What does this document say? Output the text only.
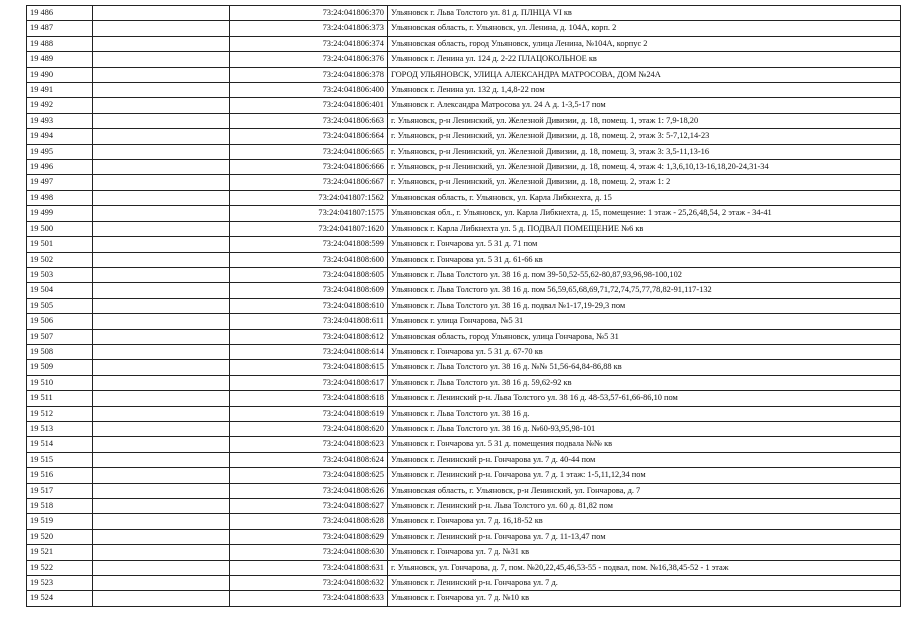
19 486		73:24:041806:370	Ульяновск г. Льва Толстого ул. 81 д. ПЛНЦА VI кв
19 487		73:24:041806:373	Ульяновская область, г. Ульяновск, ул. Ленина, д. 104А, корп. 2
19 488		73:24:041806:374	Ульяновская область, город Ульяновск, улица Ленина, №104А, корпус 2
19 489		73:24:041806:376	Ульяновск г. Ленина ул. 124 д. 2-22 ПЛАЦОКОЛЬНОЕ кв
19 490		73:24:041806:378	ГОРОД УЛЬЯНОВСК, УЛИЦА АЛЕКСАНДРА МАТРОСОВА, ДОМ №24А
19 491		73:24:041806:400	Ульяновск г. Ленина ул. 132 д. 1,4,8-22 пом
19 492		73:24:041806:401	Ульяновск г. Александра Матросова ул. 24 А д. 1-3,5-17 пом
19 493		73:24:041806:663	г. Ульяновск, р-н Ленинский, ул. Железной Дивизии, д. 18, помещ. 1, этаж 1: 7,9-18,20
19 494		73:24:041806:664	г. Ульяновск, р-н Ленинский, ул. Железной Дивизии, д. 18, помещ. 2, этаж 3: 5-7,12,14-23
19 495		73:24:041806:665	г. Ульяновск, р-н Ленинский, ул. Железной Дивизии, д. 18, помещ. 3, этаж 3: 3,5-11,13-16
19 496		73:24:041806:666	г. Ульяновск, р-н Ленинский, ул. Железной Дивизии, д. 18, помещ. 4, этаж 4: 1,3,6,10,13-16,18,20-24,31-34
19 497		73:24:041806:667	г. Ульяновск, р-н Ленинский, ул. Железной Дивизии, д. 18, помещ. 2, этаж 1: 2
19 498		73:24:041807:1562	Ульяновская область, г. Ульяновск, ул. Карла Либкнехта, д. 15
19 499		73:24:041807:1575	Ульяновская обл., г. Ульяновск, ул. Карла Либкнехта, д. 15, помещение: 1 этаж - 25,26,48,54, 2 этаж - 34-41
19 500		73:24:041807:1620	Ульяновск г. Карла Либкнехта ул. 5 д. ПОДВАЛ ПОМЕЩЕНИЕ №6 кв
19 501		73:24:041808:599	Ульяновск г. Гончарова ул. 5 31 д. 71 пом
19 502		73:24:041808:600	Ульяновск г. Гончарова ул. 5 31 д. 61-66 кв
19 503		73:24:041808:605	Ульяновск г. Льва Толстого ул. 38 16 д. пом 39-50,52-55,62-80,87,93,96,98-100,102
19 504		73:24:041808:609	Ульяновск г. Льва Толстого ул. 38 16 д. пом 56,59,65,68,69,71,72,74,75,77,78,82-91,117-132
19 505		73:24:041808:610	Ульяновск г. Льва Толстого ул. 38 16 д. подвал №1-17,19-29,3 пом
19 506		73:24:041808:611	Ульяновск г. улица Гончарова, №5 31
19 507		73:24:041808:612	Ульяновская область, город Ульяновск, улица Гончарова, №5 31
19 508		73:24:041808:614	Ульяновск г. Гончарова ул. 5 31 д. 67-70 кв
19 509		73:24:041808:615	Ульяновск г. Льва Толстого ул. 38 16 д. №№ 51,56-64,84-86,88 кв
19 510		73:24:041808:617	Ульяновск г. Льва Толстого ул. 38 16 д. 59,62-92 кв
19 511		73:24:041808:618	Ульяновск г. Ленинский р-н. Льва Толстого ул. 38 16 д. 48-53,57-61,66-86,10 пом
19 512		73:24:041808:619	Ульяновск г. Льва Толстого ул. 38 16 д.
19 513		73:24:041808:620	Ульяновск г. Льва Толстого ул. 38 16 д. №60-93,95,98-101
19 514		73:24:041808:623	Ульяновск г. Гончарова ул. 5 31 д. помещения подвала №№ кв
19 515		73:24:041808:624	Ульяновск г. Ленинский р-н. Гончарова ул. 7 д. 40-44 пом
19 516		73:24:041808:625	Ульяновск г. Ленинский р-н. Гончарова ул. 7 д. 1 этаж: 1-5,11,12,34 пом
19 517		73:24:041808:626	Ульяновская область, г. Ульяновск, р-н Ленинский, ул. Гончарова, д. 7
19 518		73:24:041808:627	Ульяновск г. Ленинский р-н. Льва Толстого ул. 60 д. 81,82 пом
19 519		73:24:041808:628	Ульяновск г. Гончарова ул. 7 д. 16,18-52 кв
19 520		73:24:041808:629	Ульяновск г. Ленинский р-н. Гончарова ул. 7 д. 11-13,47 пом
19 521		73:24:041808:630	Ульяновск г. Гончарова ул. 7 д. №31 кв
19 522		73:24:041808:631	г. Ульяновск, ул. Гончарова, д. 7, пом. №20,22,45,46,53-55 - подвал, пом. №16,38,45-52 - 1 этаж
19 523		73:24:041808:632	Ульяновск г. Ленинский р-н. Гончарова ул. 7 д.
19 524		73:24:041808:633	Ульяновск г. Гончарова ул. 7 д. №10 кв
